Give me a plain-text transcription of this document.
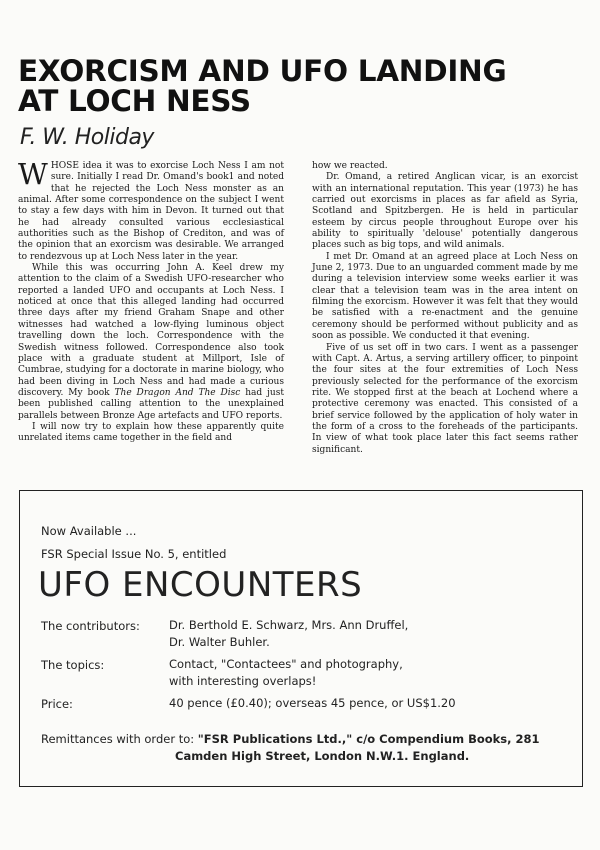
EXORCISM AND UFO LANDING
AT LOCH NESS
F. W. Holiday

WHOSE idea it was to exorcise Loch Ness I am not sure. Initially I read Dr. Omand's book1 and noted that he rejected the Loch Ness monster as an animal. After some correspondence on the subject I went to stay a few days with him in Devon. It turned out that he had already consulted various ecclesiastical authorities such as the Bishop of Crediton, and was of the opinion that an exorcism was desirable. We arranged to rendezvous up at Loch Ness later in the year.

While this was occurring John A. Keel drew my attention to the claim of a Swedish UFO-researcher who reported a landed UFO and occupants at Loch Ness. I noticed at once that this alleged landing had occurred three days after my friend Graham Snape and other witnesses had watched a low-flying luminous object travelling down the loch. Correspondence with the Swedish witness followed. Correspondence also took place with a graduate student at Millport, Isle of Cumbrae, studying for a doctorate in marine biology, who had been diving in Loch Ness and had made a curious discovery. My book The Dragon And The Disc had just been published calling attention to the unexplained parallels between Bronze Age artefacts and UFO reports.

I will now try to explain how these apparently quite unrelated items came together in the field and

how we reacted.

Dr. Omand, a retired Anglican vicar, is an exorcist with an international reputation. This year (1973) he has carried out exorcisms in places as far afield as Syria, Scotland and Spitzbergen. He is held in particular esteem by circus people throughout Europe over his ability to spiritually 'delouse' potentially dangerous places such as big tops, and wild animals.

I met Dr. Omand at an agreed place at Loch Ness on June 2, 1973. Due to an unguarded comment made by me during a television interview some weeks earlier it was clear that a television team was in the area intent on filming the exorcism. However it was felt that they would be satisfied with a re-enactment and the genuine ceremony should be performed without publicity and as soon as possible. We conducted it that evening.

Five of us set off in two cars. I went as a passenger with Capt. A. Artus, a serving artillery officer, to pinpoint the four sites at the four extremities of Loch Ness previously selected for the performance of the exorcism rite. We stopped first at the beach at Lochend where a protective ceremony was enacted. This consisted of a brief service followed by the application of holy water in the form of a cross to the foreheads of the participants. In view of what took place later this fact seems rather significant.

Now Available ...
FSR Special Issue No. 5, entitled
UFO ENCOUNTERS
The contributors:	Dr. Berthold E. Schwarz, Mrs. Ann Druffel,
Dr. Walter Buhler.
The topics:	Contact, "Contactees" and photography,
with interesting overlaps!
Price:	40 pence (£0.40); overseas 45 pence, or US$1.20
Remittances with order to: "FSR Publications Ltd.," c/o Compendium Books, 281
Camden High Street, London N.W.1. England.
